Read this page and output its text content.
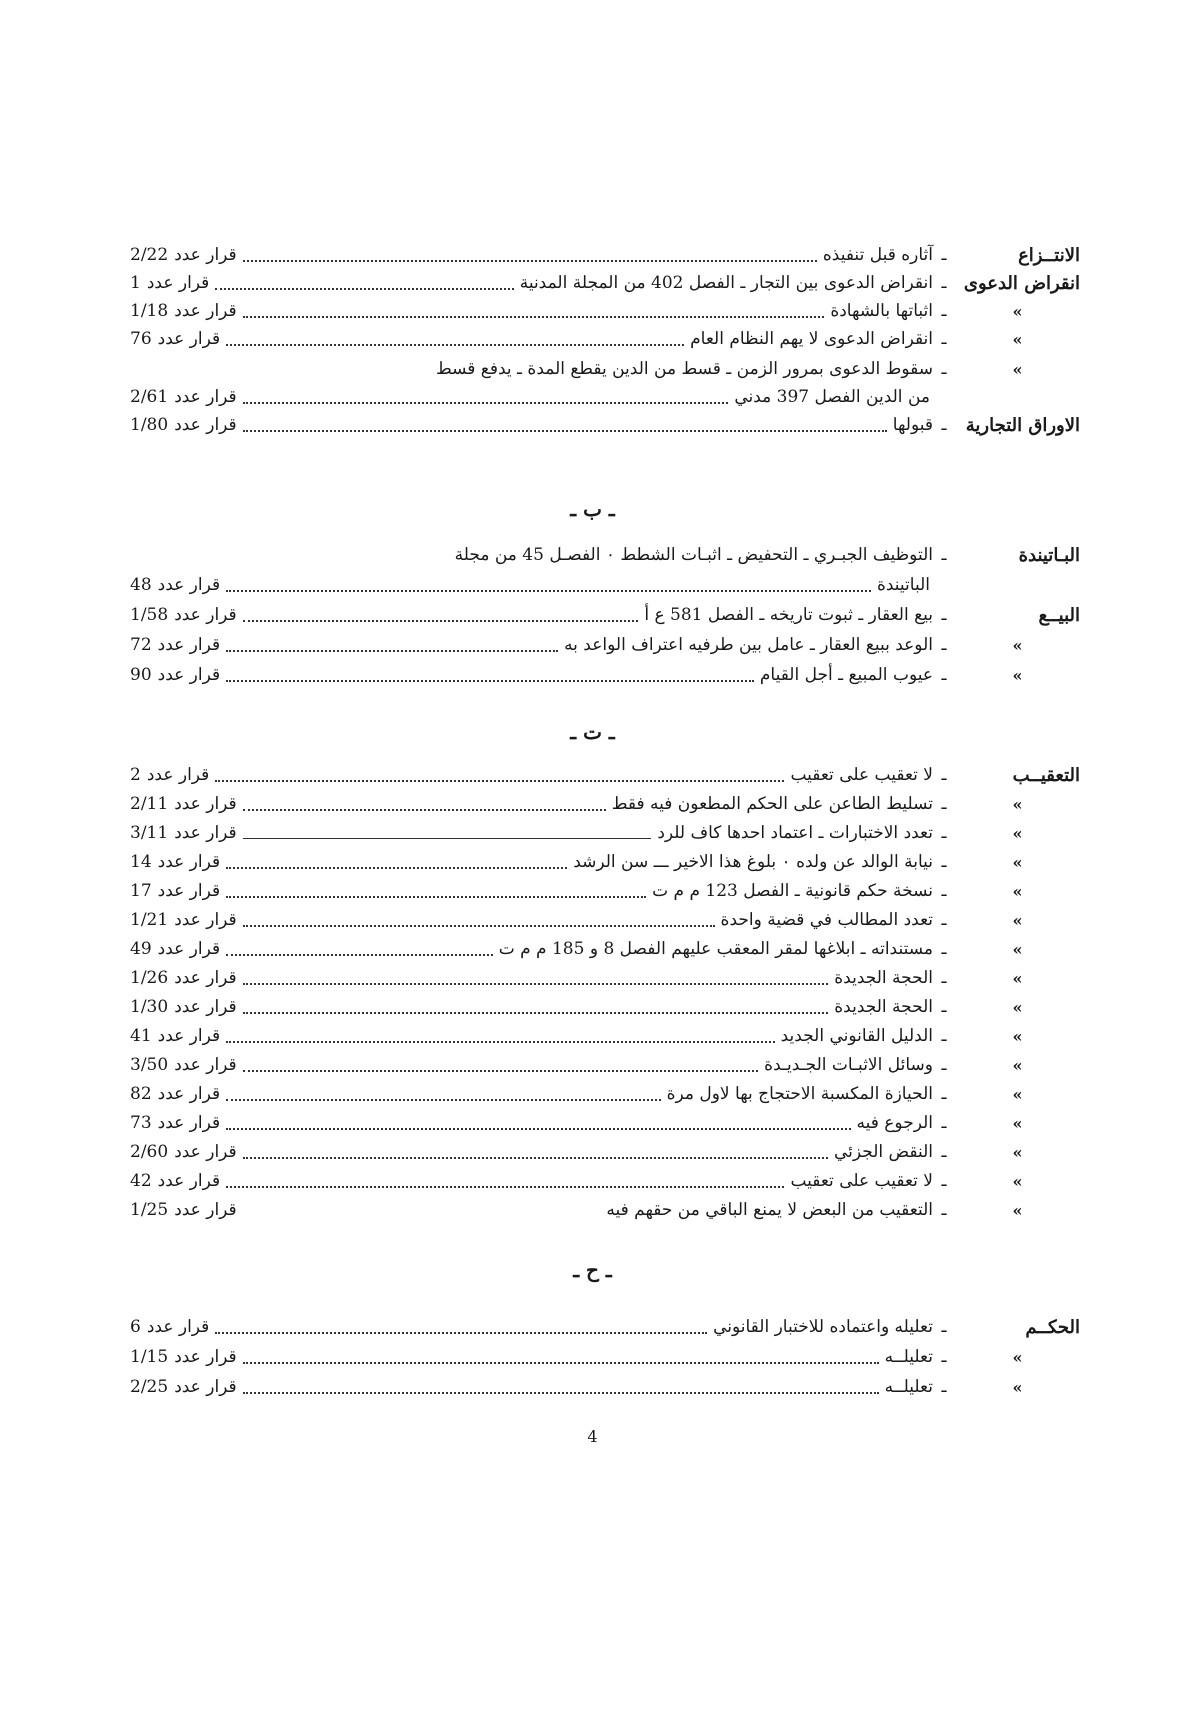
الانتــزاع
ـ
آثاره قبل تنفيذه
قرار عدد2/22
انقراض الدعوى
ـ
انقراض الدعوى بين التجار ـ الفصل 402 من المجلة المدنية
قرار عدد1
»
ـ
اثباتها بالشهادة
قرار عدد1/18
»
ـ
انقراض الدعوى لا يهم النظام العام
قرار عدد76
»
ـ
سقوط الدعوى بمرور الزمن ـ قسط من الدين يقطع المدة ـ يدفع قسط
من الدين الفصل 397 مدني
قرار عدد2/61
الاوراق التجارية
ـ
قبولها
قرار عدد1/80
ـ ب ـ
البـاتيندة
ـ
التوظيف الجبـري ـ التحفيض ـ اثبـات الشطط ٠ الفصـل 45 من مجلة
الباتيندة
قرار عدد48
البيــع
ـ
بيع العقار ـ ثبوت تاريخه ـ الفصل 581 ع أ
قرار عدد1/58
»
ـ
الوعد ببيع العقار ـ عامل بين طرفيه اعتراف الواعد به
قرار عدد72
»
ـ
عيوب المبيع ـ أجل القيام
قرار عدد90
ـ ت ـ
التعقيــب
ـ
لا تعقيب على تعقيب
قرار عدد2
»
ـ
تسليط الطاعن على الحكم المطعون فيه فقط
قرار عدد2/11
»
ـ
تعدد الاختبارات ـ اعتماد احدها كاف للرد
قرار عدد3/11
»
ـ
نيابة الوالد عن ولده ٠ بلوغ هذا الاخير ـــ سن الرشد
قرار عدد14
»
ـ
نسخة حكم قانونية ـ الفصل 123 م م ت
قرار عدد17
»
ـ
تعدد المطالب في قضية واحدة
قرار عدد1/21
»
ـ
مستنداته ـ ابلاغها لمقر المعقب عليهم الفصل 8 و 185 م م ت
قرار عدد49
»
ـ
الحجة الجديدة
قرار عدد1/26
»
ـ
الحجة الجديدة
قرار عدد1/30
»
ـ
الدليل القانوني الجديد
قرار عدد41
»
ـ
وسائل الاثبـات الجـديـدة
قرار عدد3/50
»
ـ
الحيازة المكسبة الاحتجاج بها لاول مرة
قرار عدد82
»
ـ
الرجوع فيه
قرار عدد73
»
ـ
النقض الجزئي
قرار عدد2/60
»
ـ
لا تعقيب على تعقيب
قرار عدد42
»
ـ
التعقيب من البعض لا يمنع الباقي من حقهم فيه
قرار عدد1/25
ـ ح ـ
الحكــم
ـ
تعليله واعتماده للاختبار القانوني
قرار عدد6
»
ـ
تعليلــه
قرار عدد1/15
»
ـ
تعليلــه
قرار عدد2/25
4
